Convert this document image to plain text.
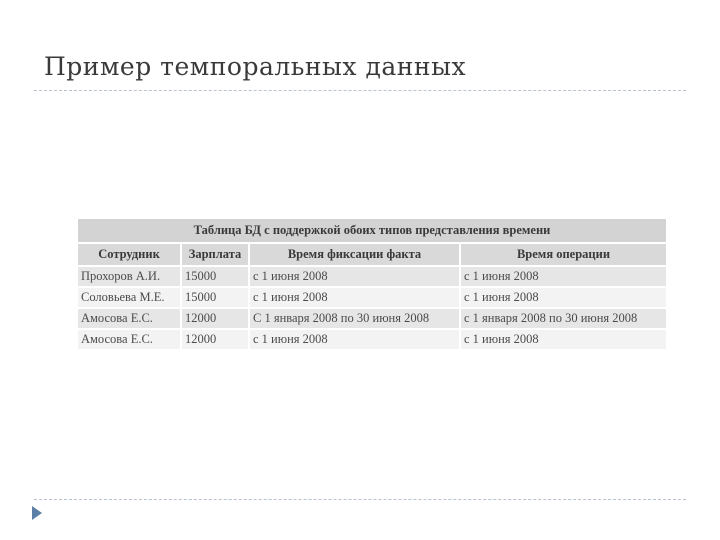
Пример темпоральных данных
Таблица БД с поддержкой обоих типов представления времени			
Сотрудник	Зарплата	Время фиксации факта	Время операции
Прохоров А.И.	15000	с 1 июня 2008	с 1 июня 2008
Соловьева М.Е.	15000	с 1 июня 2008	с 1 июня 2008
Амосова Е.С.	12000	С 1 января 2008 по 30 июня 2008	с 1 января 2008 по 30 июня 2008
Амосова Е.С.	12000	с 1 июня 2008	с 1 июня 2008
